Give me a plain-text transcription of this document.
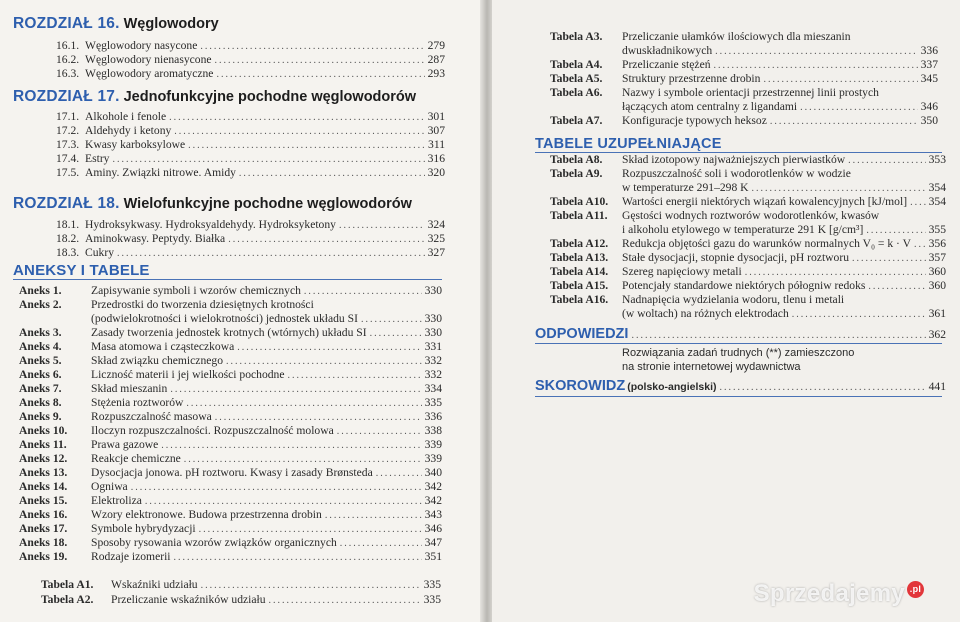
ROZDZIAŁ 16. Węglowodory
16.1. Węglowodory nasycone .....	279
16.2. Węglowodory nienasycone .....	287
16.3. Węglowodory aromatyczne .....	293
ROZDZIAŁ 17. Jednofunkcyjne pochodne węglowodorów
17.1. Alkohole i fenole .....	301
17.2. Aldehydy i ketony .....	307
17.3. Kwasy karboksylowe .....	311
17.4. Estry .....	316
17.5. Aminy. Związki nitrowe. Amidy .....	320
ROZDZIAŁ 18. Wielofunkcyjne pochodne węglowodorów
18.1. Hydroksykwasy. Hydroksyaldehydy. Hydroksyketony .....	324
18.2. Aminokwasy. Peptydy. Białka .....	325
18.3. Cukry .....	327
ANEKSY I TABELE
Aneks 1.	Zapisywanie symboli i wzorów chemicznych .....	330
Aneks 2.	Przedrostki do tworzenia dziesiętnych krotności
(podwielokrotności i wielokrotności) jednostek układu SI .....	330
Aneks 3.	Zasady tworzenia jednostek krotnych (wtórnych) układu SI .....	330
Aneks 4.	Masa atomowa i cząsteczkowa .....	331
Aneks 5.	Skład związku chemicznego .....	332
Aneks 6.	Liczność materii i jej wielkości pochodne .....	332
Aneks 7.	Skład mieszanin .....	334
Aneks 8.	Stężenia roztworów .....	335
Aneks 9.	Rozpuszczalność masowa .....	336
Aneks 10.	Iloczyn rozpuszczalności. Rozpuszczalność molowa .....	338
Aneks 11.	Prawa gazowe .....	339
Aneks 12.	Reakcje chemiczne .....	339
Aneks 13.	Dysocjacja jonowa. pH roztworu. Kwasy i zasady Brønsteda .....	340
Aneks 14.	Ogniwa .....	342
Aneks 15.	Elektroliza .....	342
Aneks 16.	Wzory elektronowe. Budowa przestrzenna drobin .....	343
Aneks 17.	Symbole hybrydyzacji .....	346
Aneks 18.	Sposoby rysowania wzorów związków organicznych .....	347
Aneks 19.	Rodzaje izomerii .....	351
Tabela A1.	Wskaźniki udziału .....	335
Tabela A2.	Przeliczanie wskaźników udziału .....	335
Tabela A3.	Przeliczanie ułamków ilościowych dla mieszanin
dwuskładnikowych .....	336
Tabela A4.	Przeliczanie stężeń .....	337
Tabela A5.	Struktury przestrzenne drobin .....	345
Tabela A6.	Nazwy i symbole orientacji przestrzennej linii prostych
łączących atom centralny z ligandami .....	346
Tabela A7.	Konfiguracje typowych heksoz .....	350
TABELE UZUPEŁNIAJĄCE
Tabela A8.	Skład izotopowy najważniejszych pierwiastków .....	353
Tabela A9.	Rozpuszczalność soli i wodorotlenków w wodzie
w temperaturze 291–298 K .....	354
Tabela A10.	Wartości energii niektórych wiązań kowalencyjnych [kJ/mol] ..... 354
Tabela A11.	Gęstości wodnych roztworów wodorotlenków, kwasów
i alkoholu etylowego w temperaturze 291 K [g/cm³] .....	355
Tabela A12.	Redukcja objętości gazu do warunków normalnych V₀ = k · V ..... 356
Tabela A13.	Stałe dysocjacji, stopnie dysocjacji, pH roztworu .....	357
Tabela A14.	Szereg napięciowy metali .....	360
Tabela A15.	Potencjały standardowe niektórych półogniw redoks .....	360
Tabela A16.	Nadnapięcia wydzielania wodoru, tlenu i metali
(w woltach) na różnych elektrodach .....	361
ODPOWIEDZI .....	362
Rozwiązania zadań trudnych (**) zamieszczono
na stronie internetowej wydawnictwa
SKOROWIDZ (polsko-angielski) .....	441
Sprzedajemy .pl
